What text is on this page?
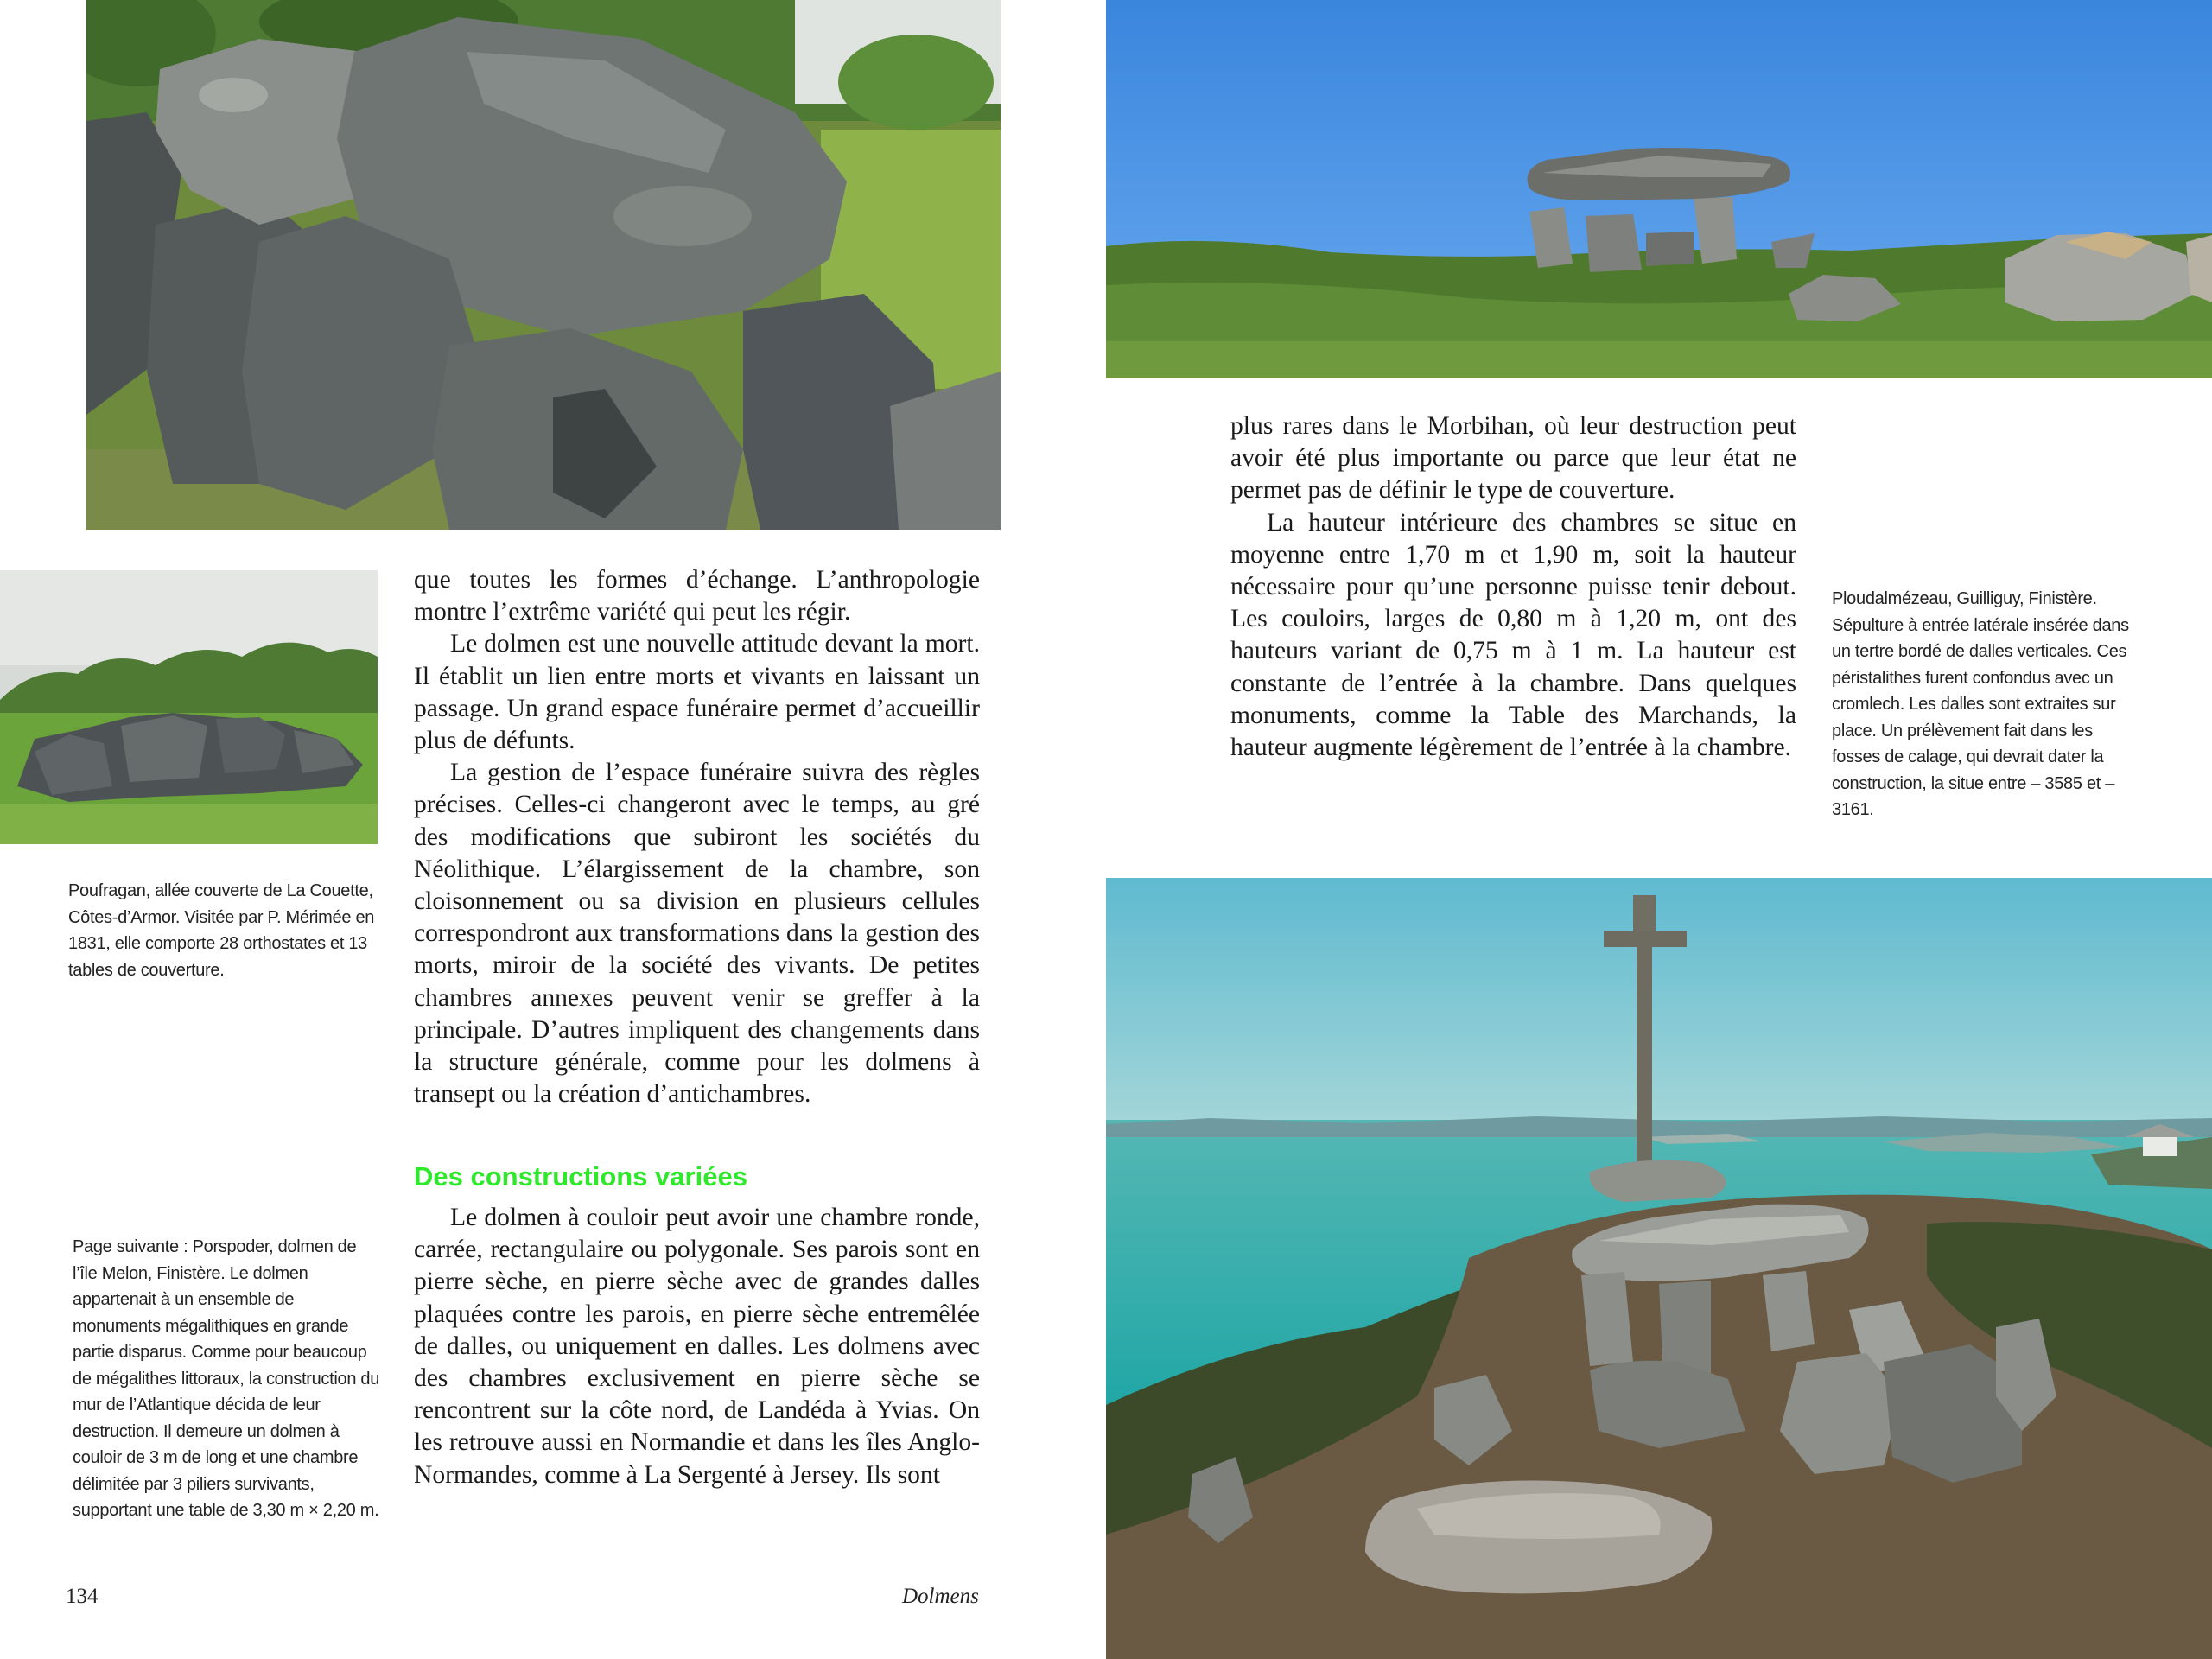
Poufragan, allée couverte de La Couette, Côtes-d’Armor. Visitée par P. Mérimée en 1831, elle comporte 28 orthostates et 13 tables de couverture.

Page suivante : Porspoder, dolmen de l’île Melon, Finistère. Le dolmen appartenait à un ensemble de monuments mégalithiques en grande partie disparus. Comme pour beaucoup de mégalithes littoraux, la construction du mur de l’Atlantique décida de leur destruction. Il demeure un dolmen à couloir de 3 m de long et une chambre délimitée par 3 piliers survivants, supportant une table de 3,30 m × 2,20 m.

que toutes les formes d’échange. L’anthropologie montre l’extrême variété qui peut les régir.

Le dolmen est une nouvelle attitude devant la mort. Il établit un lien entre morts et vivants en laissant un passage. Un grand espace funéraire permet d’accueillir plus de défunts.

La gestion de l’espace funéraire suivra des règles précises. Celles-ci changeront avec le temps, au gré des modifications que subiront les sociétés du Néolithique. L’élargissement de la chambre, son cloisonnement ou sa division en plusieurs cellules correspondront aux transformations dans la gestion des morts, miroir de la société des vivants. De petites chambres annexes peuvent venir se greffer à la principale. D’autres impliquent des changements dans la structure générale, comme pour les dolmens à transept ou la création d’antichambres.

Des constructions variées

Le dolmen à couloir peut avoir une chambre ronde, carrée, rectangulaire ou polygonale. Ses parois sont en pierre sèche, en pierre sèche avec de grandes dalles plaquées contre les parois, en pierre sèche entremêlée de dalles, ou uniquement en dalles. Les dolmens avec des chambres exclusivement en pierre sèche se rencontrent sur la côte nord, de Landéda à Yvias. On les retrouve aussi en Normandie et dans les îles Anglo-Normandes, comme à La Sergenté à Jersey. Ils sont

134	Dolmens

plus rares dans le Morbihan, où leur destruction peut avoir été plus importante ou parce que leur état ne permet pas de définir le type de couverture.

La hauteur intérieure des chambres se situe en moyenne entre 1,70 m et 1,90 m, soit la hauteur nécessaire pour qu’une personne puisse tenir debout. Les couloirs, larges de 0,80 m à 1,20 m, ont des hauteurs variant de 0,75 m à 1 m. La hauteur est constante de l’entrée à la chambre. Dans quelques monuments, comme la Table des Marchands, la hauteur augmente légèrement de l’entrée à la chambre.

Ploudalmézeau, Guilliguy, Finistère. Sépulture à entrée latérale insérée dans un tertre bordé de dalles verticales. Ces péristalithes furent confondus avec un cromlech. Les dalles sont extraites sur place. Un prélèvement fait dans les fosses de calage, qui devrait dater la construction, la situe entre – 3585 et –3161.
